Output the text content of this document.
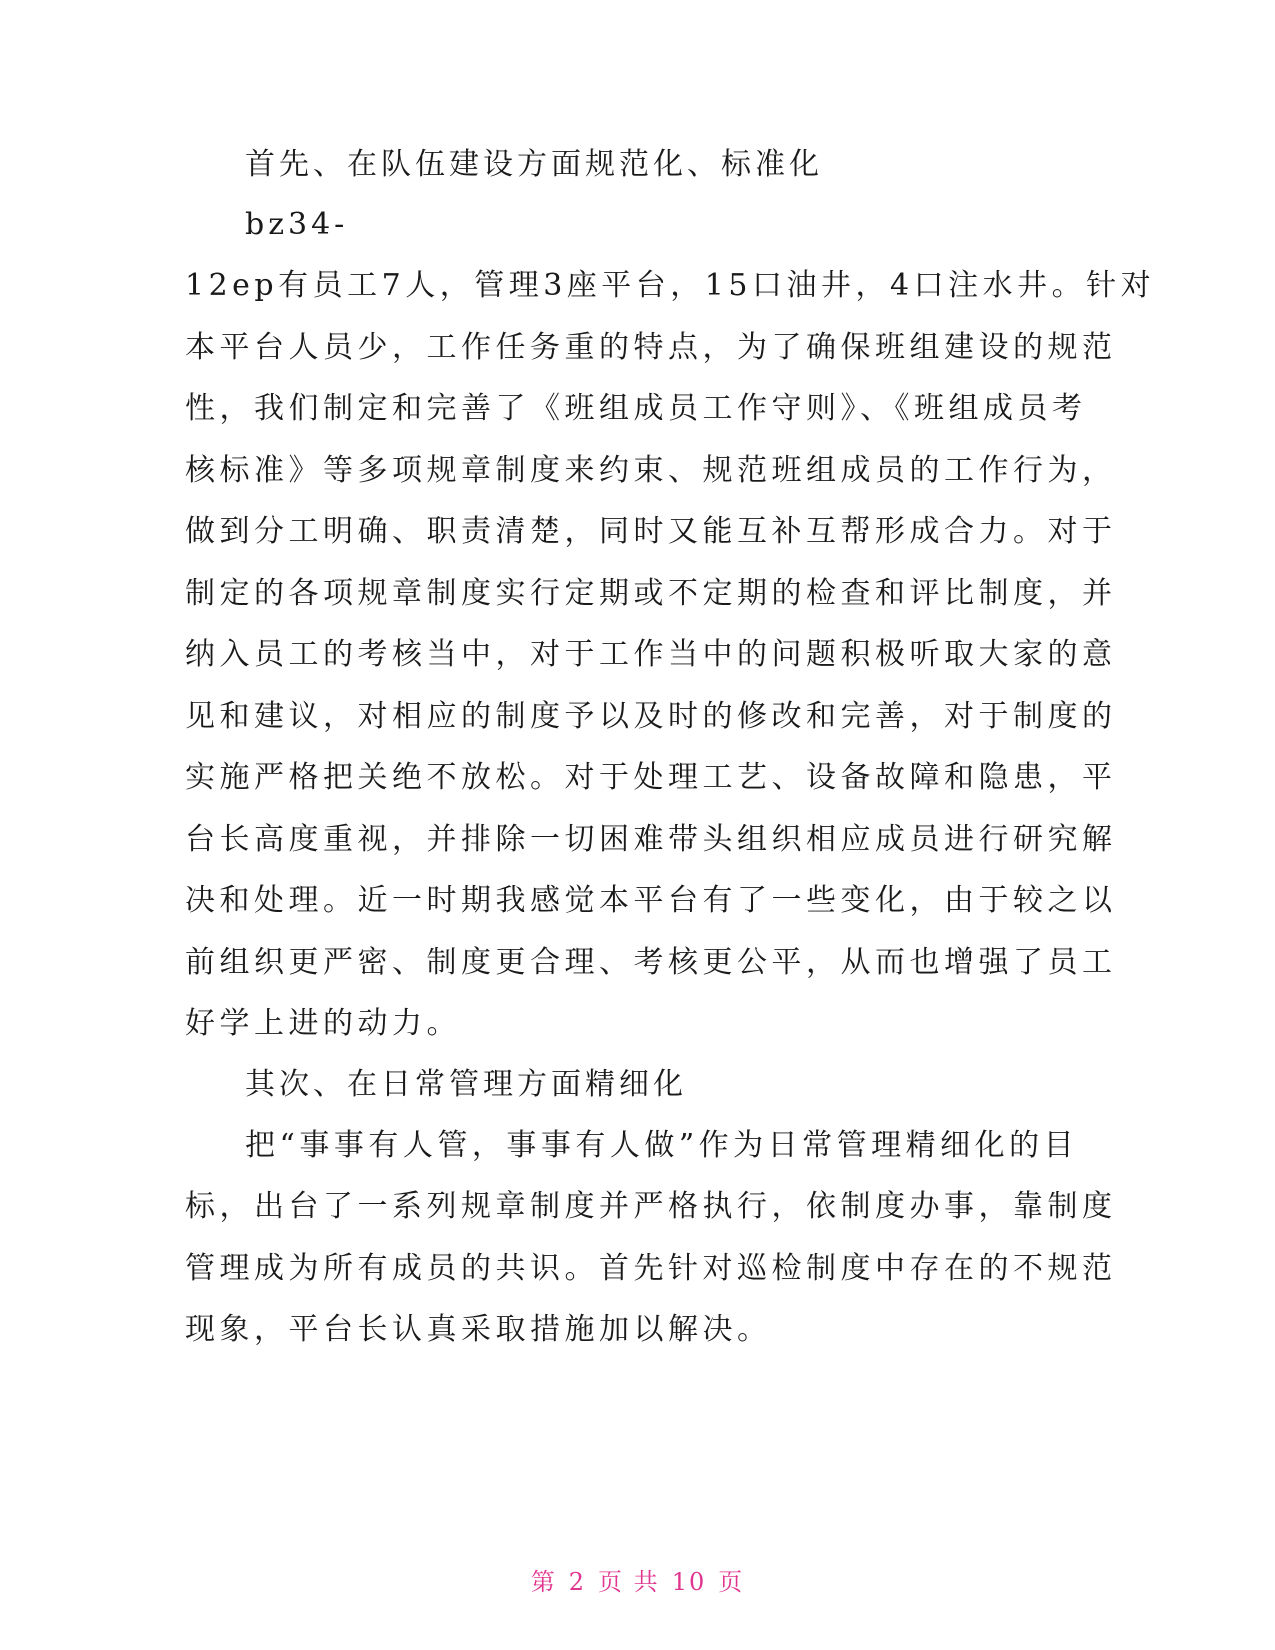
首先、在队伍建设方面规范化、标准化
bz34-
12ep有员工7人，管理3座平台，15口油井，4口注水井。针对
本平台人员少，工作任务重的特点，为了确保班组建设的规范
性，我们制定和完善了《班组成员工作守则》、《班组成员考
核标准》等多项规章制度来约束、规范班组成员的工作行为，
做到分工明确、职责清楚，同时又能互补互帮形成合力。对于
制定的各项规章制度实行定期或不定期的检查和评比制度，并
纳入员工的考核当中，对于工作当中的问题积极听取大家的意
见和建议，对相应的制度予以及时的修改和完善，对于制度的
实施严格把关绝不放松。对于处理工艺、设备故障和隐患，平
台长高度重视，并排除一切困难带头组织相应成员进行研究解
决和处理。近一时期我感觉本平台有了一些变化，由于较之以
前组织更严密、制度更合理、考核更公平，从而也增强了员工
好学上进的动力。
其次、在日常管理方面精细化
把“事事有人管，事事有人做”作为日常管理精细化的目
标，出台了一系列规章制度并严格执行，依制度办事，靠制度
管理成为所有成员的共识。首先针对巡检制度中存在的不规范
现象，平台长认真采取措施加以解决。
第 2 页 共 10 页
